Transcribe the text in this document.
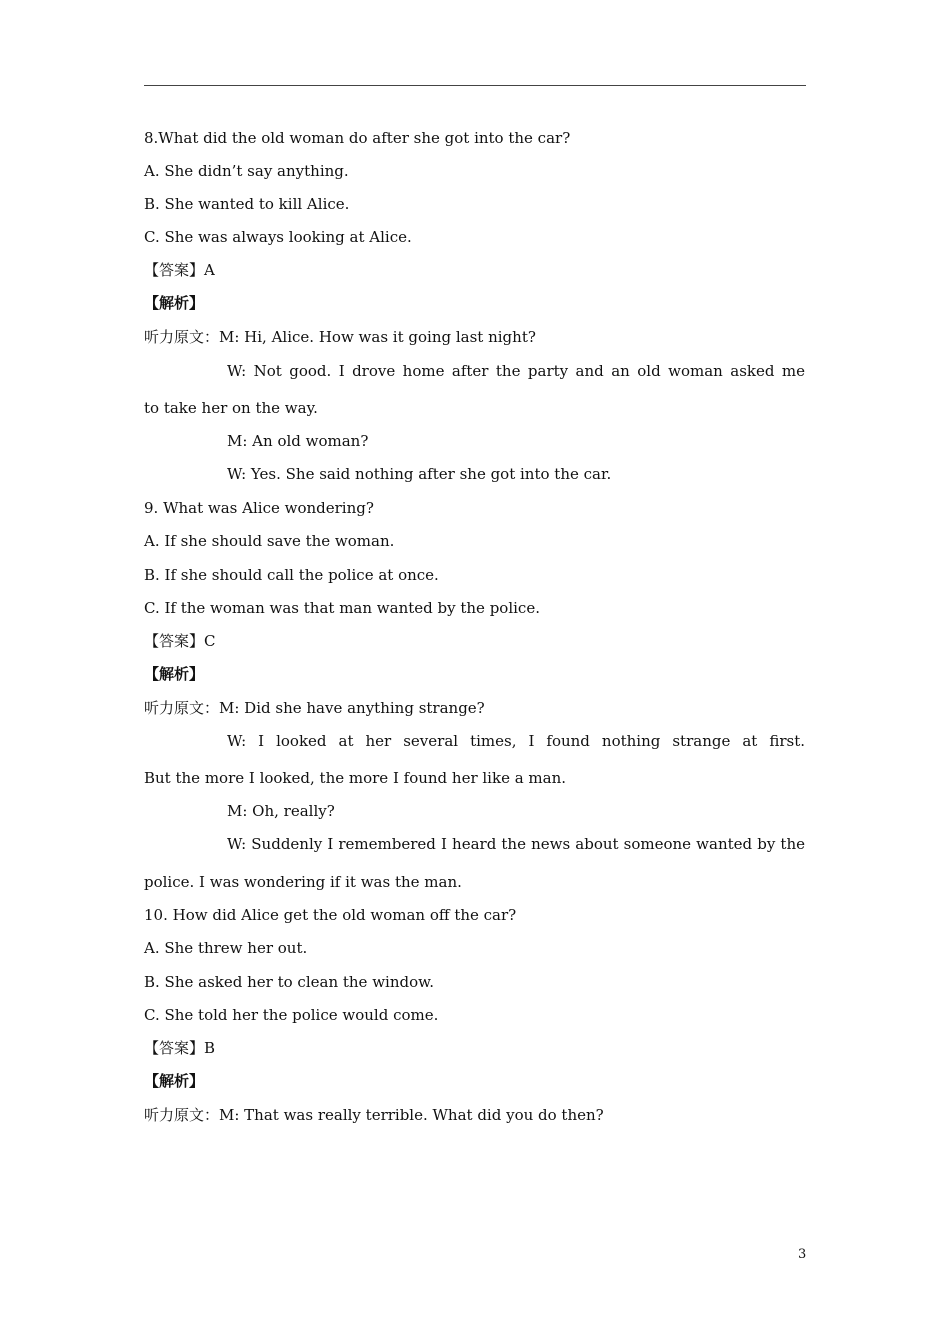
8.What did the old woman do after she got into the car?
A. She didn’t say anything.
B. She wanted to kill Alice.
C. She was always looking at Alice.
【答案】A
【解析】
听力原文：M: Hi, Alice. How was it going last night?
W: Not good. I drove home after the party and an old woman asked me
to take her on the way.
M: An old woman?
W: Yes. She said nothing after she got into the car.
9. What was Alice wondering?
A. If she should save the woman.
B. If she should call the police at once.
C. If the woman was that man wanted by the police.
【答案】C
【解析】
听力原文：M: Did she have anything strange?
W: I looked at her several times, I found nothing strange at first.
But the more I looked, the more I found her like a man.
M: Oh, really?
W: Suddenly I remembered I heard the news about someone wanted by the
police. I was wondering if it was the man.
10. How did Alice get the old woman off the car?
A. She threw her out.
B. She asked her to clean the window.
C. She told her the police would come.
【答案】B
【解析】
听力原文：M: That was really terrible. What did you do then?
3
